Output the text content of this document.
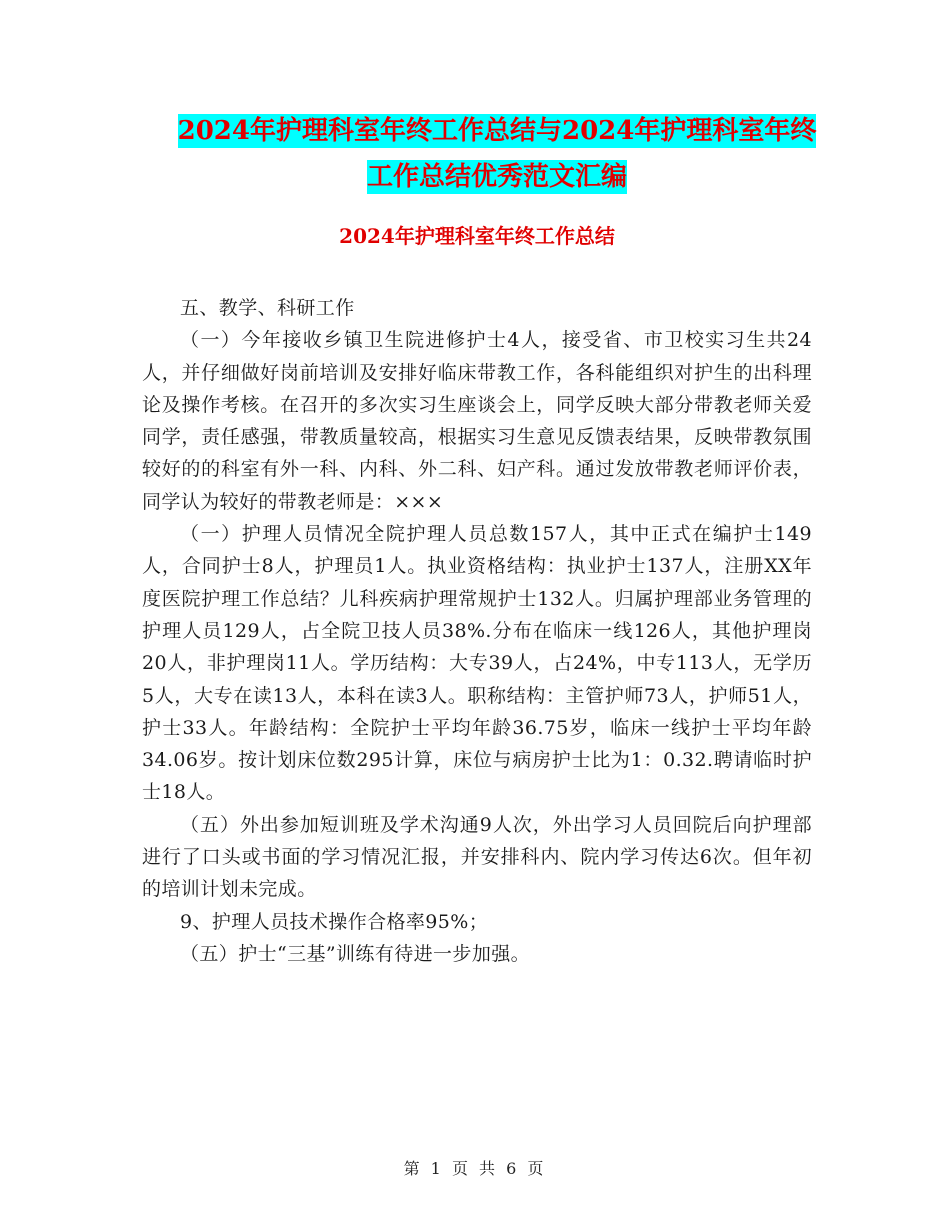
2024年护理科室年终工作总结与2024年护理科室年终
工作总结优秀范文汇编
2024年护理科室年终工作总结

五、教学、科研工作

（一）今年接收乡镇卫生院进修护士4人，接受省、市卫校实习生共24人，并仔细做好岗前培训及安排好临床带教工作，各科能组织对护生的出科理论及操作考核。在召开的多次实习生座谈会上，同学反映大部分带教老师关爱同学，责任感强，带教质量较高，根据实习生意见反馈表结果，反映带教氛围较好的的科室有外一科、内科、外二科、妇产科。通过发放带教老师评价表，同学认为较好的带教老师是：×××

（一）护理人员情况全院护理人员总数157人，其中正式在编护士149人，合同护士8人，护理员1人。执业资格结构：执业护士137人，注册XX年度医院护理工作总结？儿科疾病护理常规护士132人。归属护理部业务管理的护理人员129人，占全院卫技人员38%.分布在临床一线126人，其他护理岗20人，非护理岗11人。学历结构：大专39人，占24%，中专113人，无学历5人，大专在读13人，本科在读3人。职称结构：主管护师73人，护师51人，护士33人。年龄结构：全院护士平均年龄36.75岁，临床一线护士平均年龄34.06岁。按计划床位数295计算，床位与病房护士比为1：0.32.聘请临时护士18人。

（五）外出参加短训班及学术沟通9人次，外出学习人员回院后向护理部进行了口头或书面的学习情况汇报，并安排科内、院内学习传达6次。但年初的培训计划未完成。

9、护理人员技术操作合格率95%；

（五）护士“三基”训练有待进一步加强。

第 1 页 共 6 页
